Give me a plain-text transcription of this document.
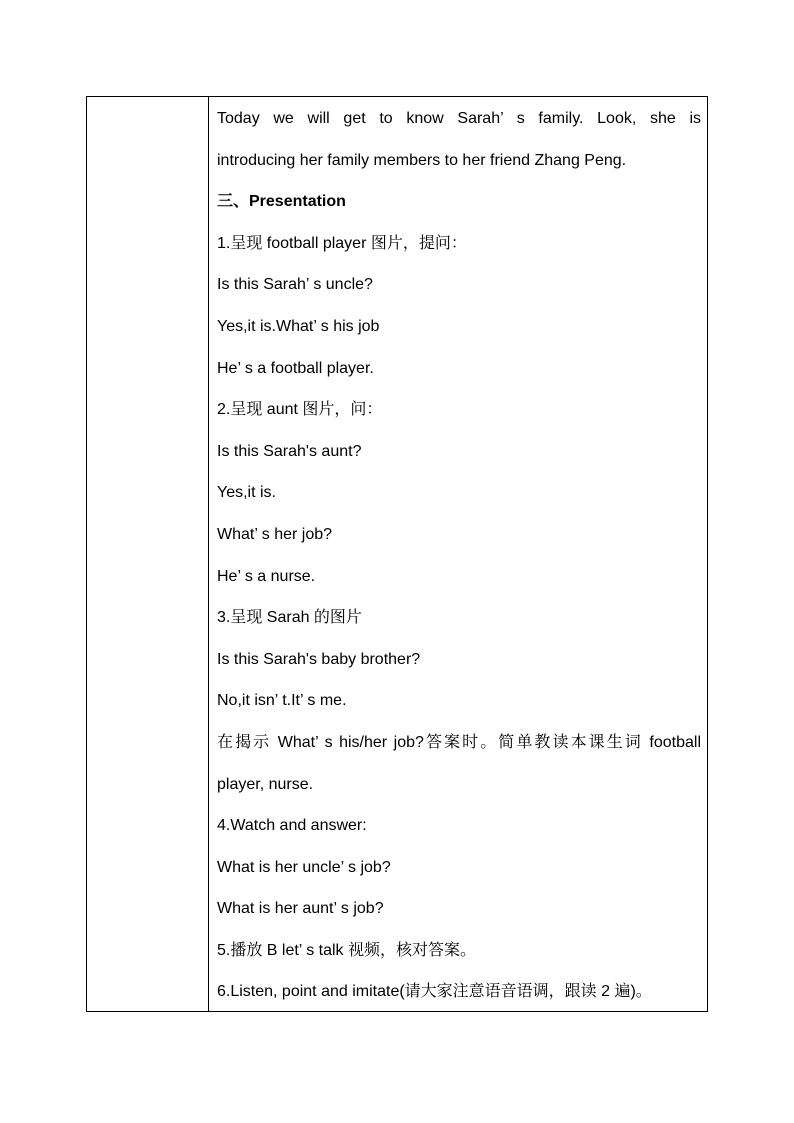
Today we will get to know Sarah’ s family. Look, she is

introducing her family members to her friend Zhang Peng.

三、Presentation

1.呈现 football player 图片，提问：

Is this Sarah’ s uncle?

Yes,it is.What’ s his job

He’ s a football player.

2.呈现 aunt 图片，问：

Is this Sarah's aunt?

Yes,it is.

What’ s her job?

He’ s a nurse.

3.呈现 Sarah 的图片

Is this Sarah's baby brother?

No,it isn’ t.It’ s me.

在揭示 What’ s his/her job?答案时。简单教读本课生词 football

player, nurse.

4.Watch and answer:

What is her uncle’ s job?

What is her aunt’ s job?

5.播放 B let’ s talk 视频，核对答案。

6.Listen, point and imitate(请大家注意语音语调，跟读 2 遍)。
